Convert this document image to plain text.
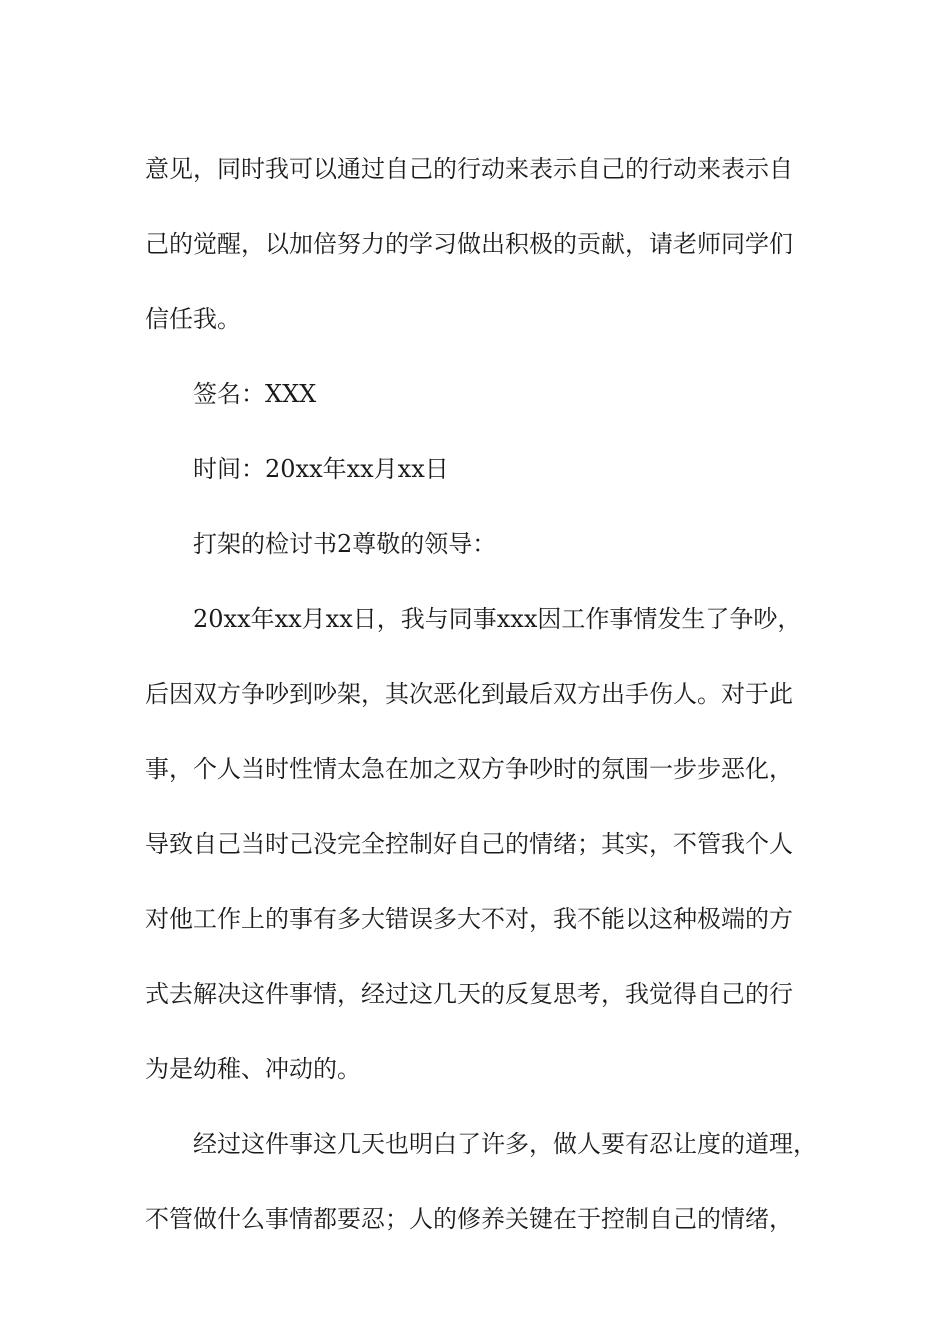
意见，同时我可以通过自己的行动来表示自己的行动来表示自
己的觉醒，以加倍努力的学习做出积极的贡献，请老师同学们
信任我。
签名：XXX
时间：20xx年xx月xx日
打架的检讨书2尊敬的领导：
20xx年xx月xx日，我与同事xxx因工作事情发生了争吵，
后因双方争吵到吵架，其次恶化到最后双方出手伤人。对于此
事，个人当时性情太急在加之双方争吵时的氛围一步步恶化，
导致自己当时己没完全控制好自己的情绪；其实，不管我个人
对他工作上的事有多大错误多大不对，我不能以这种极端的方
式去解决这件事情，经过这几天的反复思考，我觉得自己的行
为是幼稚、冲动的。
经过这件事这几天也明白了许多，做人要有忍让度的道理，
不管做什么事情都要忍；人的修养关键在于控制自己的情绪，
